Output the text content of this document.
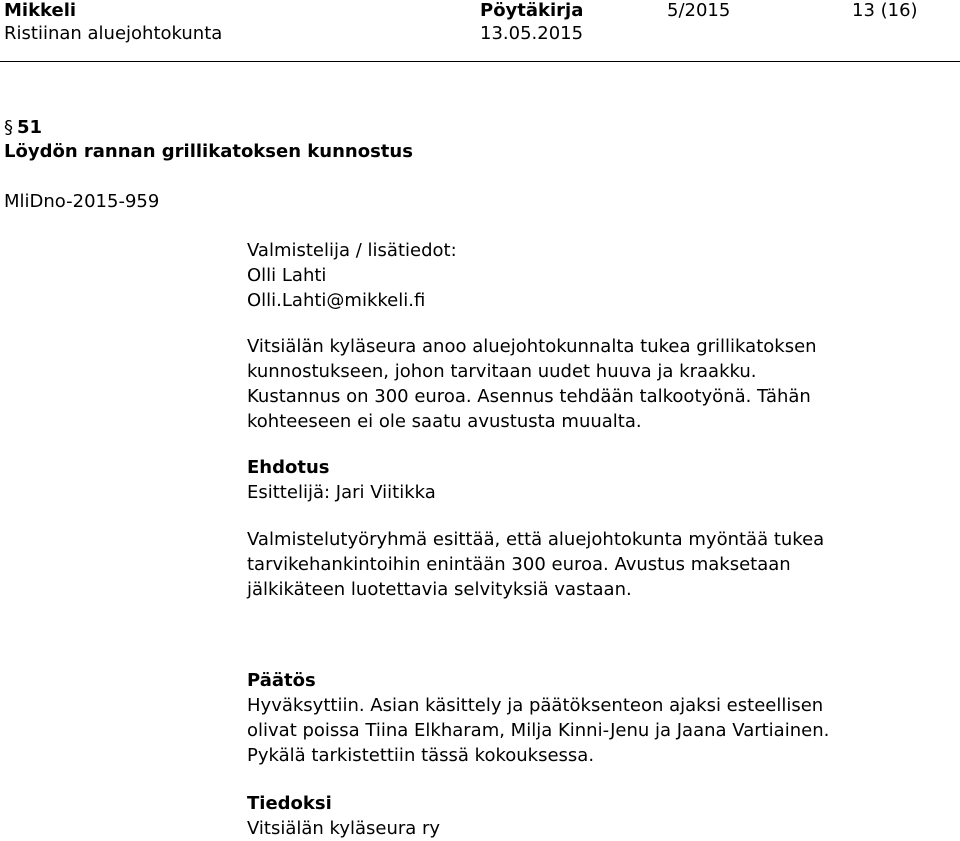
Mikkeli
Ristiinan aluejohtokunta
Pöytäkirja
13.05.2015
5/2015	13 (16)
§ 51
Löydön rannan grillikatoksen kunnostus
MliDno-2015-959
Valmistelija / lisätiedot:
Olli Lahti
Olli.Lahti@mikkeli.fi
Vitsiälän kyläseura anoo aluejohtokunnalta tukea grillikatoksen
kunnostukseen, johon tarvitaan uudet huuva ja kraakku.
Kustannus on 300 euroa. Asennus tehdään talkootyönä. Tähän
kohteeseen ei ole saatu avustusta muualta.
Ehdotus
Esittelijä: Jari Viitikka
Valmistelutyöryhmä esittää, että aluejohtokunta myöntää tukea
tarvikehankintoihin enintään 300 euroa. Avustus maksetaan
jälkikäteen luotettavia selvityksiä vastaan.
Päätös
Hyväksyttiin. Asian käsittely ja päätöksenteon ajaksi esteellisen
olivat poissa Tiina Elkharam, Milja Kinni-Jenu ja Jaana Vartiainen.
Pykälä tarkistettiin tässä kokouksessa.
Tiedoksi
Vitsiälän kyläseura ry
